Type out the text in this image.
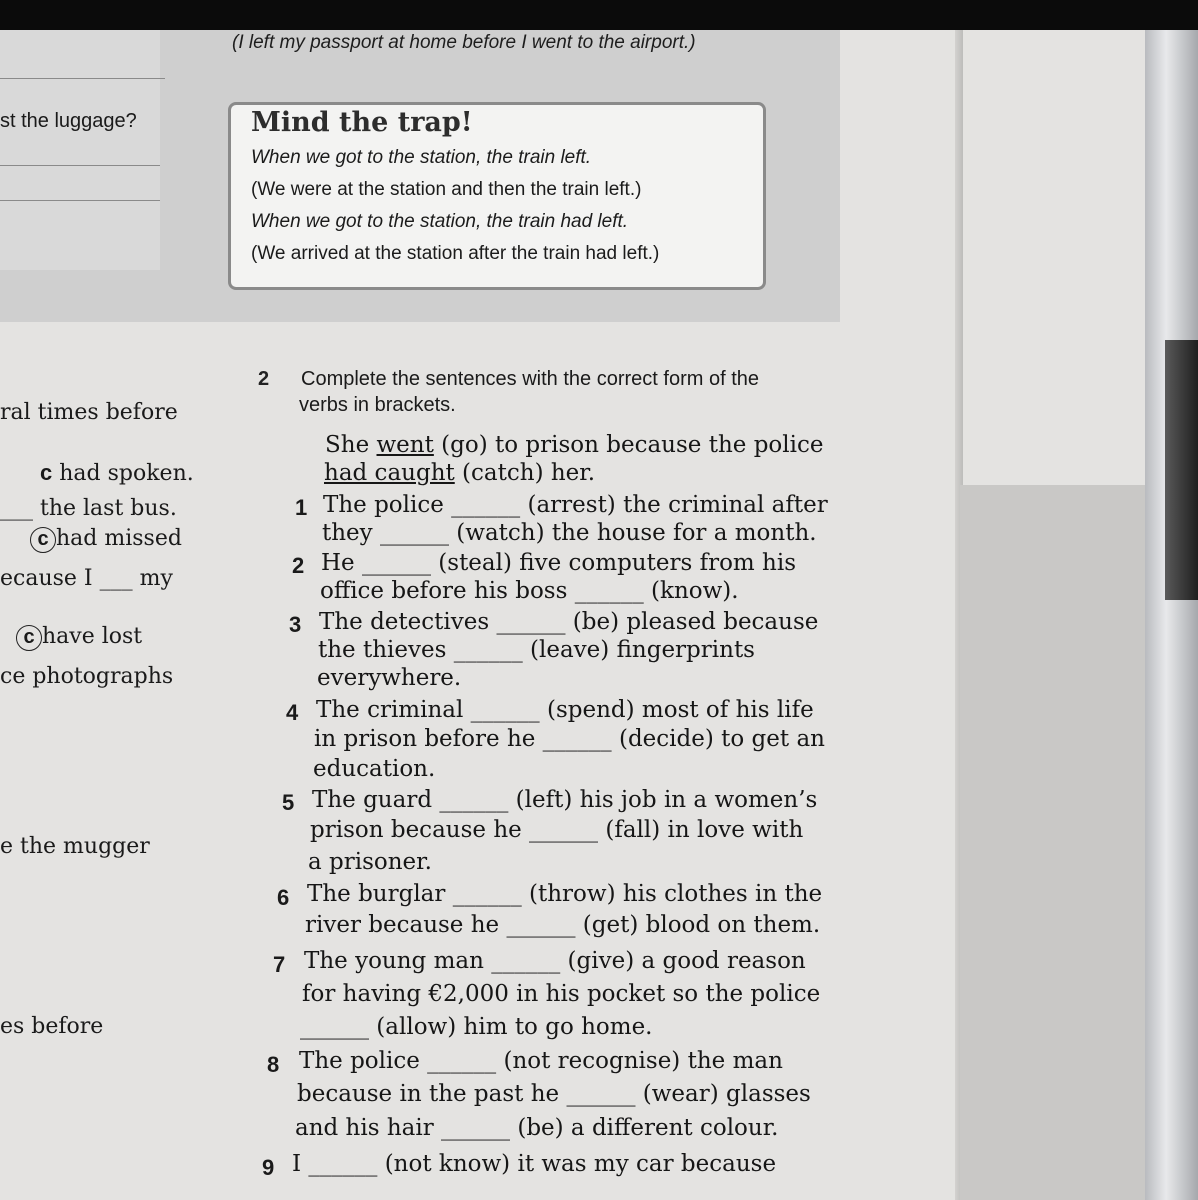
(I left my passport at home before I went to the airport.)
st the luggage?	Mind the trap!
When we got to the station, the train left.
(We were at the station and then the train left.)
When we got to the station, the train had left.
(We arrived at the station after the train had left.)
ral times before
c had spoken.
___ the last bus.
c had missed
ecause I ___ my
c have lost
ce photographs
e the mugger
es before
2 Complete the sentences with the correct form of the
verbs in brackets.
She went (go) to prison because the police
had caught (catch) her.
1 The police ______ (arrest) the criminal after
they ______ (watch) the house for a month.
2 He ______ (steal) five computers from his
office before his boss ______ (know).
3 The detectives ______ (be) pleased because
the thieves ______ (leave) fingerprints
everywhere.
4 The criminal ______ (spend) most of his life
in prison before he ______ (decide) to get an
education.
5 The guard ______ (left) his job in a women’s
prison because he ______ (fall) in love with
a prisoner.
6 The burglar ______ (throw) his clothes in the
river because he ______ (get) blood on them.
7 The young man ______ (give) a good reason
for having €2,000 in his pocket so the police
______ (allow) him to go home.
8 The police ______ (not recognise) the man
because in the past he ______ (wear) glasses
and his hair ______ (be) a different colour.
9 I ______ (not know) it was my car because
